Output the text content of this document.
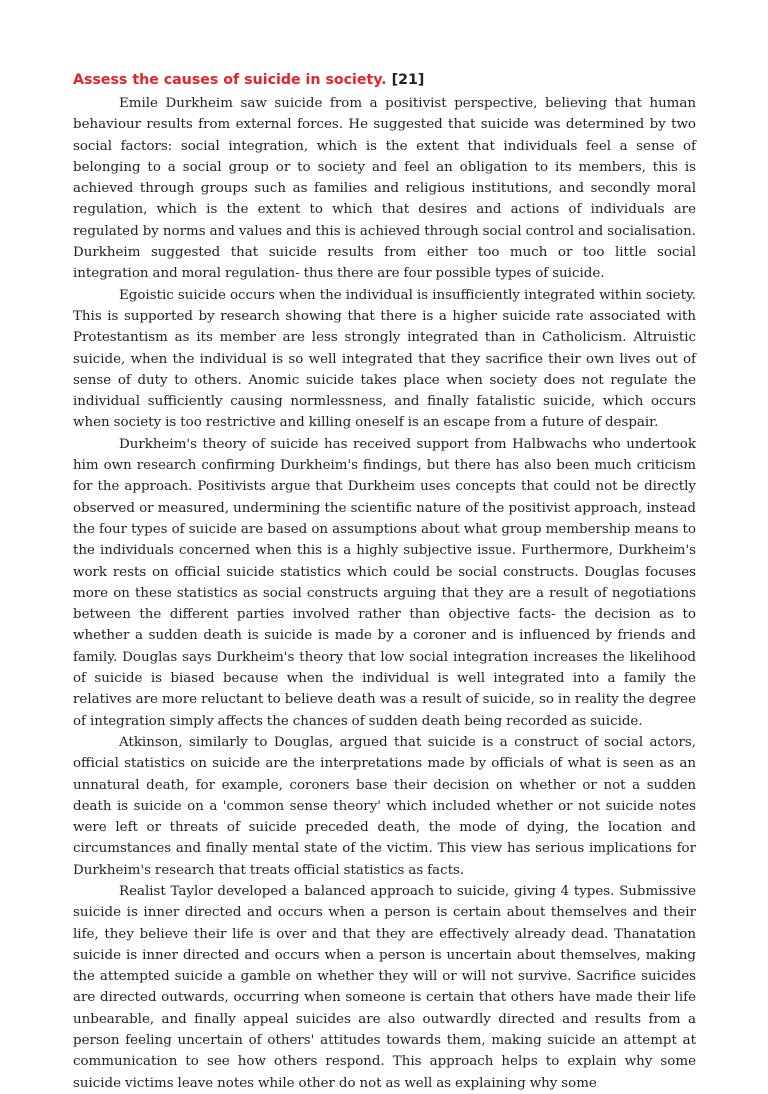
Assess the causes of suicide in society. [21]

Emile Durkheim saw suicide from a positivist perspective, believing that human behaviour results from external forces. He suggested that suicide was determined by two social factors: social integration, which is the extent that individuals feel a sense of belonging to a social group or to society and feel an obligation to its members, this is achieved through groups such as families and religious institutions, and secondly moral regulation, which is the extent to which that desires and actions of individuals are regulated by norms and values and this is achieved through social control and socialisation. Durkheim suggested that suicide results from either too much or too little social integration and moral regulation- thus there are four possible types of suicide.

Egoistic suicide occurs when the individual is insufficiently integrated within society. This is supported by research showing that there is a higher suicide rate associated with Protestantism as its member are less strongly integrated than in Catholicism. Altruistic suicide, when the individual is so well integrated that they sacrifice their own lives out of sense of duty to others. Anomic suicide takes place when society does not regulate the individual sufficiently causing normlessness, and finally fatalistic suicide, which occurs when society is too restrictive and killing oneself is an escape from a future of despair.

Durkheim's theory of suicide has received support from Halbwachs who undertook him own research confirming Durkheim's findings, but there has also been much criticism for the approach. Positivists argue that Durkheim uses concepts that could not be directly observed or measured, undermining the scientific nature of the positivist approach, instead the four types of suicide are based on assumptions about what group membership means to the individuals concerned when this is a highly subjective issue. Furthermore, Durkheim's work rests on official suicide statistics which could be social constructs. Douglas focuses more on these statistics as social constructs arguing that they are a result of negotiations between the different parties involved rather than objective facts- the decision as to whether a sudden death is suicide is made by a coroner and is influenced by friends and family. Douglas says Durkheim's theory that low social integration increases the likelihood of suicide is biased because when the individual is well integrated into a family the relatives are more reluctant to believe death was a result of suicide, so in reality the degree of integration simply affects the chances of sudden death being recorded as suicide.

Atkinson, similarly to Douglas, argued that suicide is a construct of social actors, official statistics on suicide are the interpretations made by officials of what is seen as an unnatural death, for example, coroners base their decision on whether or not a sudden death is suicide on a 'common sense theory' which included whether or not suicide notes were left or threats of suicide preceded death, the mode of dying, the location and circumstances and finally mental state of the victim. This view has serious implications for Durkheim's research that treats official statistics as facts.

Realist Taylor developed a balanced approach to suicide, giving 4 types. Submissive suicide is inner directed and occurs when a person is certain about themselves and their life, they believe their life is over and that they are effectively already dead. Thanatation suicide is inner directed and occurs when a person is uncertain about themselves, making the attempted suicide a gamble on whether they will or will not survive. Sacrifice suicides are directed outwards, occurring when someone is certain that others have made their life unbearable, and finally appeal suicides are also outwardly directed and results from a person feeling uncertain of others' attitudes towards them, making suicide an attempt at communication to see how others respond. This approach helps to explain why some suicide victims leave notes while other do not as well as explaining why some
